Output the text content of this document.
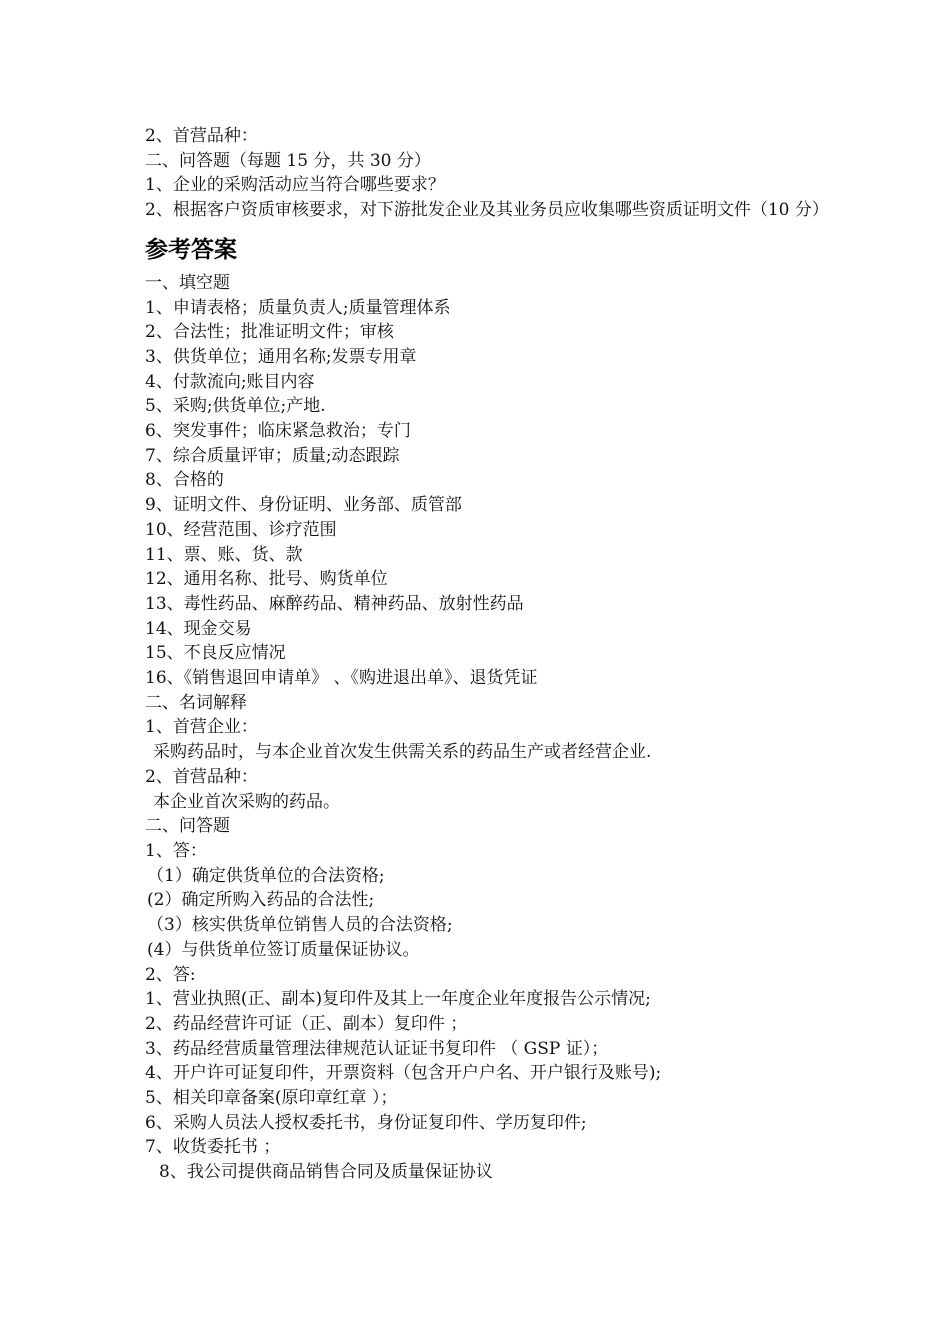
2、首营品种：
二、问答题（每题 15 分，共 30 分）
1、企业的采购活动应当符合哪些要求？
2、根据客户资质审核要求，对下游批发企业及其业务员应收集哪些资质证明文件（10 分）
参考答案
一、填空题
1、申请表格；质量负责人;质量管理体系
2、合法性；批准证明文件；审核
3、供货单位；通用名称;发票专用章
4、付款流向;账目内容
5、采购;供货单位;产地.
6、突发事件；临床紧急救治；专门
7、综合质量评审；质量;动态跟踪
8、合格的
9、证明文件、身份证明、业务部、质管部
10、经营范围、诊疗范围
11、票、账、货、款
12、通用名称、批号、购货单位
13、毒性药品、麻醉药品、精神药品、放射性药品
14、现金交易
15、不良反应情况
16、《销售退回申请单》 、《购进退出单》、退货凭证
二、名词解释
1、首营企业：
采购药品时，与本企业首次发生供需关系的药品生产或者经营企业.
2、首营品种：
本企业首次采购的药品。
二、问答题
1、答：
（1）确定供货单位的合法资格;
(2）确定所购入药品的合法性;
（3）核实供货单位销售人员的合法资格;
(4）与供货单位签订质量保证协议。
2、答:
1、营业执照(正、副本)复印件及其上一年度企业年度报告公示情况;
2、药品经营许可证（正、副本）复印件 ；
3、药品经营质量管理法律规范认证证书复印件 （ GSP 证）；
4、开户许可证复印件，开票资料（包含开户户名、开户银行及账号);
5、相关印章备案(原印章红章 ）；
6、采购人员法人授权委托书，身份证复印件、学历复印件;
7、收货委托书 ；
8、我公司提供商品销售合同及质量保证协议
